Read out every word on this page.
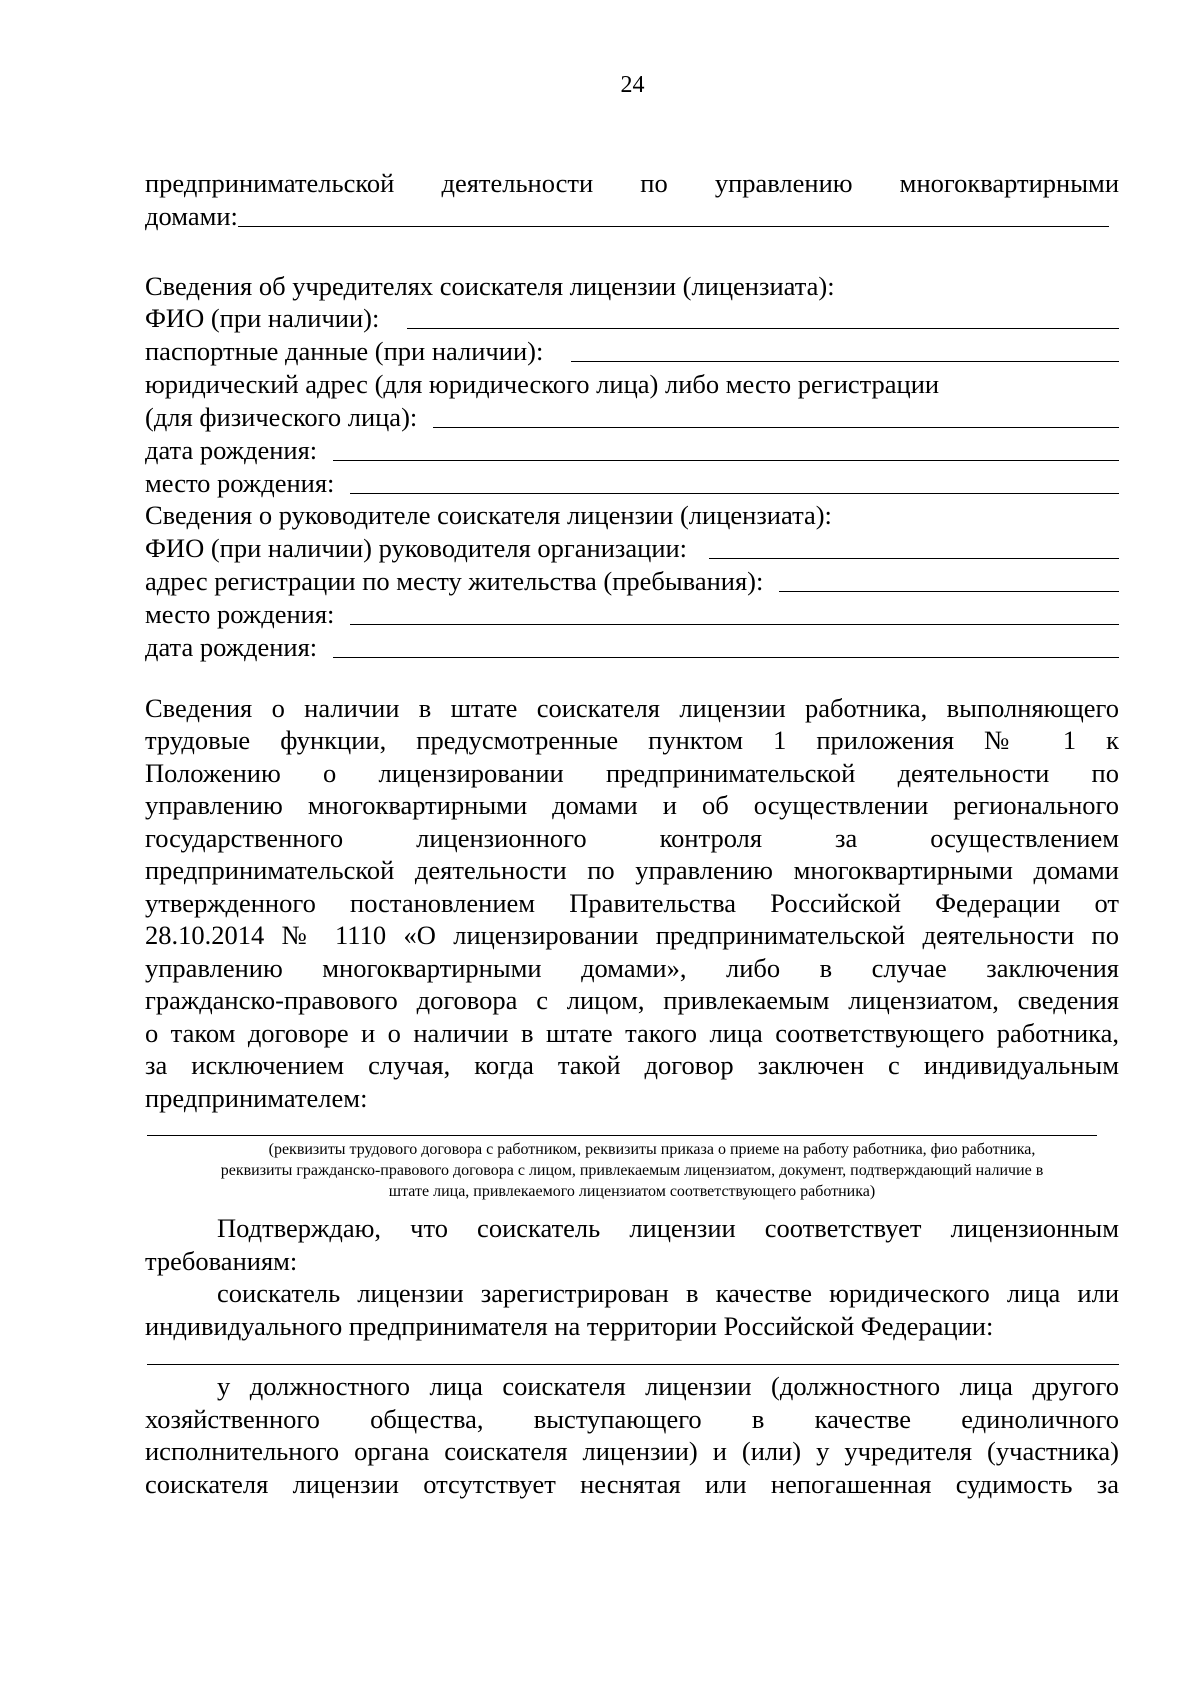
24
предпринимательской деятельности по управлению многоквартирными
домами:
Сведения об учредителях соискателя лицензии (лицензиата):
ФИО (при наличии):
паспортные данные (при наличии):
юридический адрес (для юридического лица) либо место регистрации
(для физического лица):
дата рождения:
место рождения:
Сведения о руководителе соискателя лицензии (лицензиата):
ФИО (при наличии) руководителя организации:
адрес регистрации по месту жительства (пребывания):
место рождения:
дата рождения:
Сведения о наличии в штате соискателя лицензии работника, выполняющего
трудовые функции, предусмотренные пунктом 1 приложения № 1 к
Положению о лицензировании предпринимательской деятельности по
управлению многоквартирными домами и об осуществлении регионального
государственного лицензионного контроля за осуществлением
предпринимательской деятельности по управлению многоквартирными домами
утвержденного постановлением Правительства Российской Федерации от
28.10.2014 № 1110 «О лицензировании предпринимательской деятельности по
управлению многоквартирными домами», либо в случае заключения
гражданско-правового договора с лицом, привлекаемым лицензиатом, сведения
о таком договоре и о наличии в штате такого лица соответствующего работника,
за исключением случая, когда такой договор заключен с индивидуальным
предпринимателем:
(реквизиты трудового договора с работником, реквизиты приказа о приеме на работу работника, фио работника,
реквизиты гражданско-правового договора с лицом, привлекаемым лицензиатом, документ, подтверждающий наличие в
штате лица, привлекаемого лицензиатом соответствующего работника)
Подтверждаю, что соискатель лицензии соответствует лицензионным
требованиям:
соискатель лицензии зарегистрирован в качестве юридического лица или
индивидуального предпринимателя на территории Российской Федерации:
у должностного лица соискателя лицензии (должностного лица другого
хозяйственного общества, выступающего в качестве единоличного
исполнительного органа соискателя лицензии) и (или) у учредителя (участника)
соискателя лицензии отсутствует неснятая или непогашенная судимость за
